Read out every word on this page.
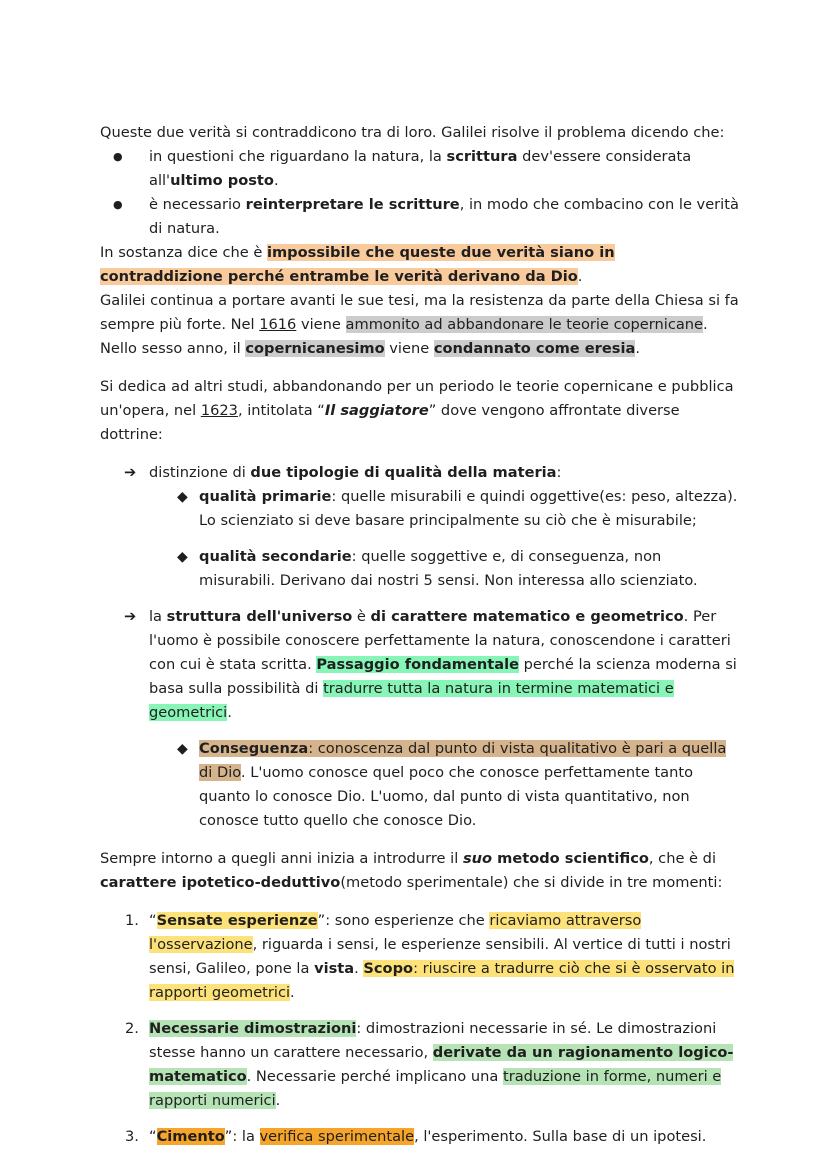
Queste due verità si contraddicono tra di loro. Galilei risolve il problema dicendo che:

● in questioni che riguardano la natura, la scrittura dev'essere considerata all'ultimo posto.
● è necessario reinterpretare le scritture, in modo che combacino con le verità di natura.

In sostanza dice che è impossibile che queste due verità siano in contraddizione perché entrambe le verità derivano da Dio.

Galilei continua a portare avanti le sue tesi, ma la resistenza da parte della Chiesa si fa sempre più forte. Nel 1616 viene ammonito ad abbandonare le teorie copernicane. Nello sesso anno, il copernicanesimo viene condannato come eresia.

Si dedica ad altri studi, abbandonando per un periodo le teorie copernicane e pubblica un'opera, nel 1623, intitolata “Il saggiatore” dove vengono affrontate diverse dottrine:

➔ distinzione di due tipologie di qualità della materia:
◆ qualità primarie: quelle misurabili e quindi oggettive(es: peso, altezza). Lo scienziato si deve basare principalmente su ciò che è misurabile;
◆ qualità secondarie: quelle soggettive e, di conseguenza, non misurabili. Derivano dai nostri 5 sensi. Non interessa allo scienziato.
➔ la struttura dell'universo è di carattere matematico e geometrico. Per l'uomo è possibile conoscere perfettamente la natura, conoscendone i caratteri con cui è stata scritta. Passaggio fondamentale perché la scienza moderna si basa sulla possibilità di tradurre tutta la natura in termine matematici e geometrici.
◆ Conseguenza: conoscenza dal punto di vista qualitativo è pari a quella di Dio. L'uomo conosce quel poco che conosce perfettamente tanto quanto lo conosce Dio. L'uomo, dal punto di vista quantitativo, non conosce tutto quello che conosce Dio.

Sempre intorno a quegli anni inizia a introdurre il suo metodo scientifico, che è di carattere ipotetico-deduttivo(metodo sperimentale) che si divide in tre momenti:

1. “Sensate esperienze”: sono esperienze che ricaviamo attraverso l'osservazione, riguarda i sensi, le esperienze sensibili. Al vertice di tutti i nostri sensi, Galileo, pone la vista. Scopo: riuscire a tradurre ciò che si è osservato in rapporti geometrici.
2. Necessarie dimostrazioni: dimostrazioni necessarie in sé. Le dimostrazioni stesse hanno un carattere necessario, derivate da un ragionamento logico-matematico. Necessarie perché implicano una traduzione in forme, numeri e rapporti numerici.
3. “Cimento”: la verifica sperimentale, l'esperimento. Sulla base di un ipotesi.
